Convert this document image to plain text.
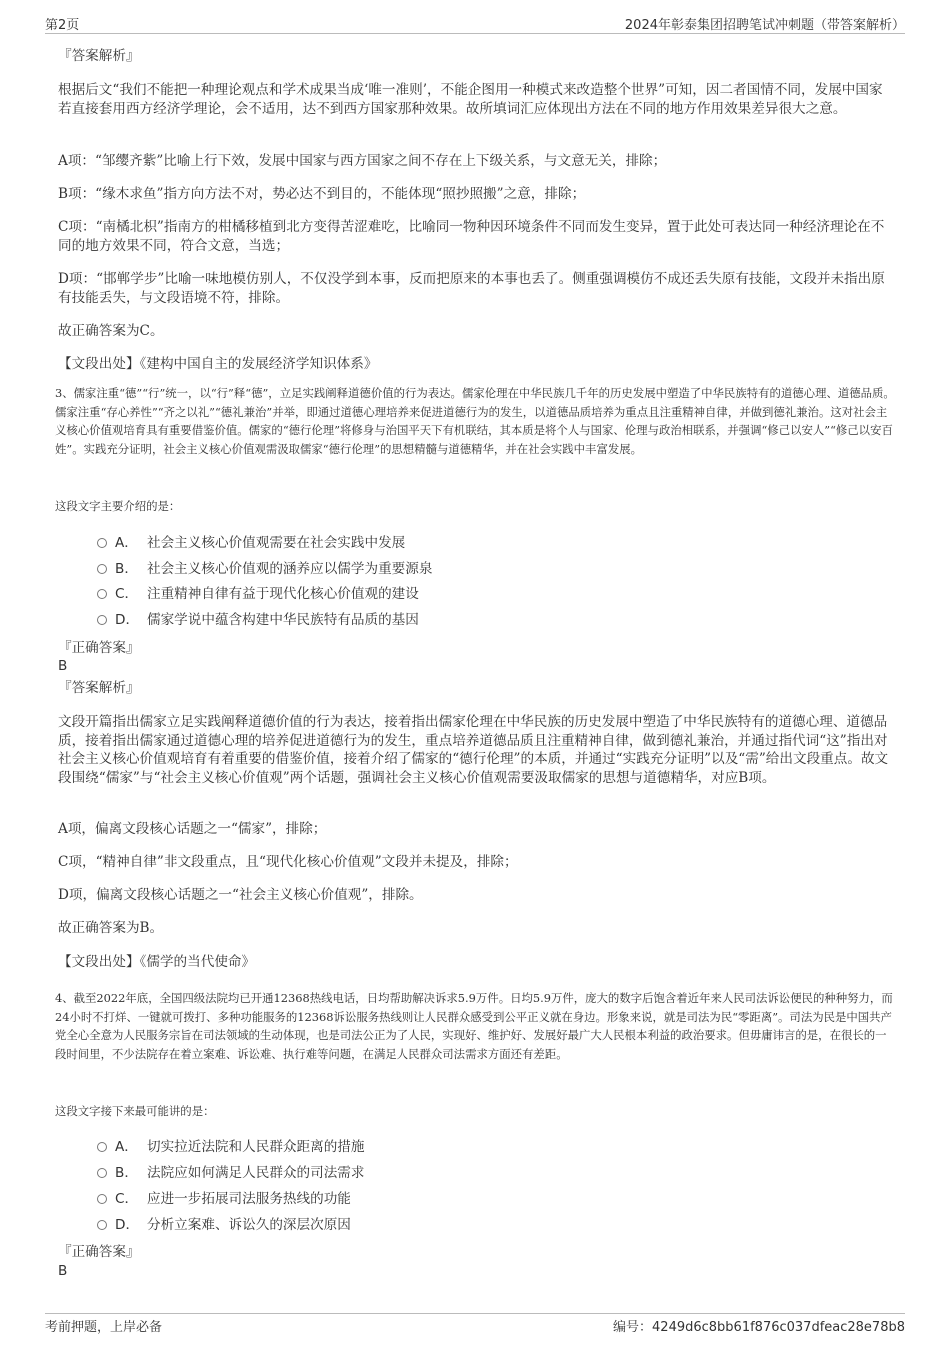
第2页	2024年彰泰集团招聘笔试冲刺题（带答案解析）
『答案解析』
根据后文“我们不能把一种理论观点和学术成果当成‘唯一准则’，不能企图用一种模式来改造整个世界”可知，因二者国情不同，发展中国家若直接套用西方经济学理论，会不适用，达不到西方国家那种效果。故所填词汇应体现出方法在不同的地方作用效果差异很大之意。
A项：“邹缨齐紫”比喻上行下效，发展中国家与西方国家之间不存在上下级关系，与文意无关，排除；
B项：“缘木求鱼”指方向方法不对，势必达不到目的，不能体现“照抄照搬”之意，排除；
C项：“南橘北枳”指南方的柑橘移植到北方变得苦涩难吃，比喻同一物种因环境条件不同而发生变异，置于此处可表达同一种经济理论在不同的地方效果不同，符合文意，当选；
D项：“邯郸学步”比喻一味地模仿别人，不仅没学到本事，反而把原来的本事也丢了。侧重强调模仿不成还丢失原有技能，文段并未指出原有技能丢失，与文段语境不符，排除。
故正确答案为C。
【文段出处】《建构中国自主的发展经济学知识体系》
3、儒家注重“德”“行”统一，以“行”释“德”，立足实践阐释道德价值的行为表达。儒家伦理在中华民族几千年的历史发展中塑造了中华民族特有的道德心理、道德品质。儒家注重“存心养性”“齐之以礼”“德礼兼治”并举，即通过道德心理培养来促进道德行为的发生，以道德品质培养为重点且注重精神自律，并做到德礼兼治。这对社会主义核心价值观培育具有重要借鉴价值。儒家的“德行伦理”将修身与治国平天下有机联结，其本质是将个人与国家、伦理与政治相联系，并强调“修己以安人”“修己以安百姓”。实践充分证明，社会主义核心价值观需汲取儒家“德行伦理”的思想精髓与道德精华，并在社会实践中丰富发展。
这段文字主要介绍的是：
A． 社会主义核心价值观需要在社会实践中发展
B． 社会主义核心价值观的涵养应以儒学为重要源泉
C． 注重精神自律有益于现代化核心价值观的建设
D． 儒家学说中蕴含构建中华民族特有品质的基因
『正确答案』
B
『答案解析』
文段开篇指出儒家立足实践阐释道德价值的行为表达，接着指出儒家伦理在中华民族的历史发展中塑造了中华民族特有的道德心理、道德品质，接着指出儒家通过道德心理的培养促进道德行为的发生，重点培养道德品质且注重精神自律，做到德礼兼治，并通过指代词“这”指出对社会主义核心价值观培育有着重要的借鉴价值，接着介绍了儒家的“德行伦理”的本质，并通过“实践充分证明”以及“需”给出文段重点。故文段围绕“儒家”与“社会主义核心价值观”两个话题，强调社会主义核心价值观需要汲取儒家的思想与道德精华，对应B项。
A项，偏离文段核心话题之一“儒家”，排除；
C项，“精神自律”非文段重点，且“现代化核心价值观”文段并未提及，排除；
D项，偏离文段核心话题之一“社会主义核心价值观”，排除。
故正确答案为B。
【文段出处】《儒学的当代使命》
4、截至2022年底，全国四级法院均已开通12368热线电话，日均帮助解决诉求5.9万件。日均5.9万件，庞大的数字后饱含着近年来人民司法诉讼便民的种种努力，而24小时不打烊、一键就可拨打、多种功能服务的12368诉讼服务热线则让人民群众感受到公平正义就在身边。形象来说，就是司法为民“零距离”。司法为民是中国共产党全心全意为人民服务宗旨在司法领域的生动体现，也是司法公正为了人民，实现好、维护好、发展好最广大人民根本利益的政治要求。但毋庸讳言的是，在很长的一段时间里，不少法院存在着立案难、诉讼难、执行难等问题，在满足人民群众司法需求方面还有差距。
这段文字接下来最可能讲的是：
A． 切实拉近法院和人民群众距离的措施
B． 法院应如何满足人民群众的司法需求
C． 应进一步拓展司法服务热线的功能
D． 分析立案难、诉讼久的深层次原因
『正确答案』
B
考前押题，上岸必备	编号：4249d6c8bb61f876c037dfeac28e78b8
